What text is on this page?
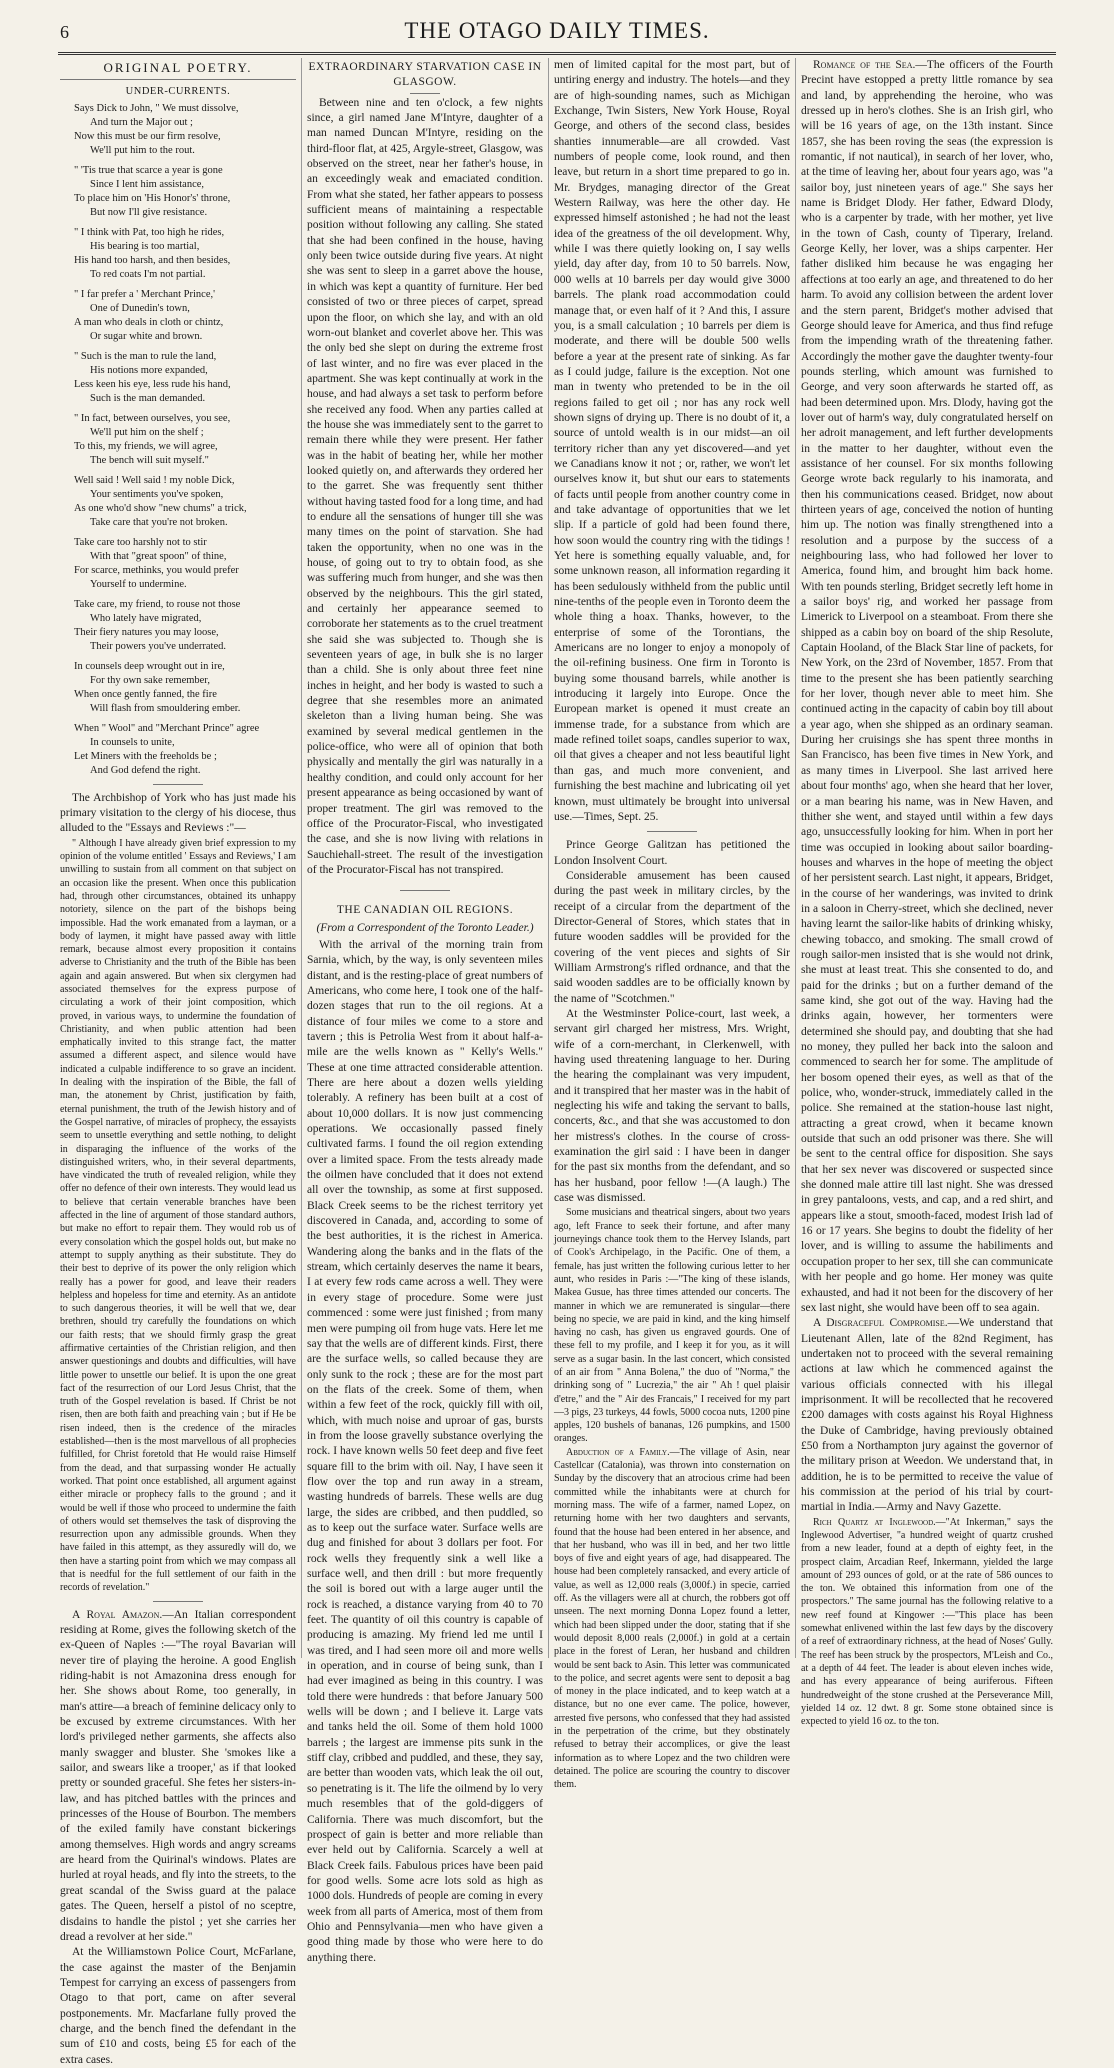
6	THE OTAGO DAILY TIMES.
ORIGINAL POETRY.
UNDER-CURRENTS.

Says Dick to John, " We must dissolve,

And turn the Major out ;

Now this must be our firm resolve,

We'll put him to the rout.

" 'Tis true that scarce a year is gone

Since I lent him assistance,

To place him on 'His Honor's' throne,

But now I'll give resistance.

" I think with Pat, too high he rides,

His bearing is too martial,

His hand too harsh, and then besides,

To red coats I'm not partial.

" I far prefer a ' Merchant Prince,'

One of Dunedin's town,

A man who deals in cloth or chintz,

Or sugar white and brown.

" Such is the man to rule the land,

His notions more expanded,

Less keen his eye, less rude his hand,

Such is the man demanded.

" In fact, between ourselves, you see,

We'll put him on the shelf ;

To this, my friends, we will agree,

The bench will suit myself."

Well said ! Well said ! my noble Dick,

Your sentiments you've spoken,

As one who'd show "new chums" a trick,

Take care that you're not broken.

Take care too harshly not to stir

With that "great spoon" of thine,

For scarce, methinks, you would prefer

Yourself to undermine.

Take care, my friend, to rouse not those

Who lately have migrated,

Their fiery natures you may loose,

Their powers you've underrated.

In counsels deep wrought out in ire,

For thy own sake remember,

When once gently fanned, the fire

Will flash from smouldering ember.

When " Wool" and "Merchant Prince" agree

In counsels to unite,

Let Miners with the freeholds be ;

And God defend the right.

The Archbishop of York who has just made his primary visitation to the clergy of his diocese, thus alluded to the "Essays and Reviews :"—

" Although I have already given brief expression to my opinion of the volume entitled ' Essays and Reviews,' I am unwilling to sustain from all comment on that subject on an occasion like the present. When once this publication had, through other circumstances, obtained its unhappy notoriety, silence on the part of the bishops being impossible. Had the work emanated from a layman, or a body of laymen, it might have passed away with little remark, because almost every proposition it contains adverse to Christianity and the truth of the Bible has been again and again answered. But when six clergymen had associated themselves for the express purpose of circulating a work of their joint composition, which proved, in various ways, to undermine the foundation of Christianity, and when public attention had been emphatically invited to this strange fact, the matter assumed a different aspect, and silence would have indicated a culpable indifference to so grave an incident. In dealing with the inspiration of the Bible, the fall of man, the atonement by Christ, justification by faith, eternal punishment, the truth of the Jewish history and of the Gospel narrative, of miracles of prophecy, the essayists seem to unsettle everything and settle nothing, to delight in disparaging the influence of the works of the distinguished writers, who, in their several departments, have vindicated the truth of revealed religion, while they offer no defence of their own interests. They would lead us to believe that certain venerable branches have been affected in the line of argument of those standard authors, but make no effort to repair them. They would rob us of every consolation which the gospel holds out, but make no attempt to supply anything as their substitute. They do their best to deprive of its power the only religion which really has a power for good, and leave their readers helpless and hopeless for time and eternity. As an antidote to such dangerous theories, it will be well that we, dear brethren, should try carefully the foundations on which our faith rests; that we should firmly grasp the great affirmative certainties of the Christian religion, and then answer questionings and doubts and difficulties, will have little power to unsettle our belief. It is upon the one great fact of the resurrection of our Lord Jesus Christ, that the truth of the Gospel revelation is based. If Christ be not risen, then are both faith and preaching vain ; but if He be risen indeed, then is the credence of the miracles established—then is the most marvellous of all prophecies fulfilled, for Christ foretold that He would raise Himself from the dead, and that surpassing wonder He actually worked. That point once established, all argument against either miracle or prophecy falls to the ground ; and it would be well if those who proceed to undermine the faith of others would set themselves the task of disproving the resurrection upon any admissible grounds. When they have failed in this attempt, as they assuredly will do, we then have a starting point from which we may compass all that is needful for the full settlement of our faith in the records of revelation."

A Royal Amazon.—An Italian correspondent residing at Rome, gives the following sketch of the ex-Queen of Naples :—"The royal Bavarian will never tire of playing the heroine. A good English riding-habit is not Amazonina dress enough for her. She shows about Rome, too generally, in man's attire—a breach of feminine delicacy only to be excused by extreme circumstances. With her lord's privileged nether garments, she affects also manly swagger and bluster. She 'smokes like a sailor, and swears like a trooper,' as if that looked pretty or sounded graceful. She fetes her sisters-in-law, and has pitched battles with the princes and princesses of the House of Bourbon. The members of the exiled family have constant bickerings among themselves. High words and angry screams are heard from the Quirinal's windows. Plates are hurled at royal heads, and fly into the streets, to the great scandal of the Swiss guard at the palace gates. The Queen, herself a pistol of no sceptre, disdains to handle the pistol ; yet she carries her dread a revolver at her side."

At the Williamstown Police Court, McFarlane, the case against the master of the Benjamin Tempest for carrying an excess of passengers from Otago to that port, came on after several postponements. Mr. Macfarlane fully proved the charge, and the bench fined the defendant in the sum of £10 and costs, being £5 for each of the extra cases.

EXTRAORDINARY STARVATION CASE IN GLASGOW.

Between nine and ten o'clock, a few nights since, a girl named Jane M'Intyre, daughter of a man named Duncan M'Intyre, residing on the third-floor flat, at 425, Argyle-street, Glasgow, was observed on the street, near her father's house, in an exceedingly weak and emaciated condition. From what she stated, her father appears to possess sufficient means of maintaining a respectable position without following any calling. She stated that she had been confined in the house, having only been twice outside during five years. At night she was sent to sleep in a garret above the house, in which was kept a quantity of furniture. Her bed consisted of two or three pieces of carpet, spread upon the floor, on which she lay, and with an old worn-out blanket and coverlet above her. This was the only bed she slept on during the extreme frost of last winter, and no fire was ever placed in the apartment. She was kept continually at work in the house, and had always a set task to perform before she received any food. When any parties called at the house she was immediately sent to the garret to remain there while they were present. Her father was in the habit of beating her, while her mother looked quietly on, and afterwards they ordered her to the garret. She was frequently sent thither without having tasted food for a long time, and had to endure all the sensations of hunger till she was many times on the point of starvation. She had taken the opportunity, when no one was in the house, of going out to try to obtain food, as she was suffering much from hunger, and she was then observed by the neighbours. This the girl stated, and certainly her appearance seemed to corroborate her statements as to the cruel treatment she said she was subjected to. Though she is seventeen years of age, in bulk she is no larger than a child. She is only about three feet nine inches in height, and her body is wasted to such a degree that she resembles more an animated skeleton than a living human being. She was examined by several medical gentlemen in the police-office, who were all of opinion that both physically and mentally the girl was naturally in a healthy condition, and could only account for her present appearance as being occasioned by want of proper treatment. The girl was removed to the office of the Procurator-Fiscal, who investigated the case, and she is now living with relations in Sauchiehall-street. The result of the investigation of the Procurator-Fiscal has not transpired.

THE CANADIAN OIL REGIONS.
(From a Correspondent of the Toronto Leader.)

With the arrival of the morning train from Sarnia, which, by the way, is only seventeen miles distant, and is the resting-place of great numbers of Americans, who come here, I took one of the half-dozen stages that run to the oil regions. At a distance of four miles we come to a store and tavern ; this is Petrolia West from it about half-a-mile are the wells known as " Kelly's Wells." These at one time attracted considerable attention. There are here about a dozen wells yielding tolerably. A refinery has been built at a cost of about 10,000 dollars. It is now just commencing operations. We occasionally passed finely cultivated farms. I found the oil region extending over a limited space. From the tests already made the oilmen have concluded that it does not extend all over the township, as some at first supposed. Black Creek seems to be the richest territory yet discovered in Canada, and, according to some of the best authorities, it is the richest in America. Wandering along the banks and in the flats of the stream, which certainly deserves the name it bears, I at every few rods came across a well. They were in every stage of procedure. Some were just commenced : some were just finished ; from many men were pumping oil from huge vats. Here let me say that the wells are of different kinds. First, there are the surface wells, so called because they are only sunk to the rock ; these are for the most part on the flats of the creek. Some of them, when within a few feet of the rock, quickly fill with oil, which, with much noise and uproar of gas, bursts in from the loose gravelly substance overlying the rock. I have known wells 50 feet deep and five feet square fill to the brim with oil. Nay, I have seen it flow over the top and run away in a stream, wasting hundreds of barrels. These wells are dug large, the sides are cribbed, and then puddled, so as to keep out the surface water. Surface wells are dug and finished for about 3 dollars per foot. For rock wells they frequently sink a well like a surface well, and then drill : but more frequently the soil is bored out with a large auger until the rock is reached, a distance varying from 40 to 70 feet. The quantity of oil this country is capable of producing is amazing. My friend led me until I was tired, and I had seen more oil and more wells in operation, and in course of being sunk, than I had ever imagined as being in this country. I was told there were hundreds : that before January 500 wells will be down ; and I believe it. Large vats and tanks held the oil. Some of them hold 1000 barrels ; the largest are immense pits sunk in the stiff clay, cribbed and puddled, and these, they say, are better than wooden vats, which leak the oil out, so penetrating is it. The life the oilmend by lo very much resembles that of the gold-diggers of California. There was much discomfort, but the prospect of gain is better and more reliable than ever held out by California. Scarcely a well at Black Creek fails. Fabulous prices have been paid for good wells. Some acre lots sold as high as 1000 dols. Hundreds of people are coming in every week from all parts of America, most of them from Ohio and Pennsylvania—men who have given a good thing made by those who were here to do anything there.

men of limited capital for the most part, but of untiring energy and industry. The hotels—and they are of high-sounding names, such as Michigan Exchange, Twin Sisters, New York House, Royal George, and others of the second class, besides shanties innumerable—are all crowded. Vast numbers of people come, look round, and then leave, but return in a short time prepared to go in. Mr. Brydges, managing director of the Great Western Railway, was here the other day. He expressed himself astonished ; he had not the least idea of the greatness of the oil development. Why, while I was there quietly looking on, I say wells yield, day after day, from 10 to 50 barrels. Now, 000 wells at 10 barrels per day would give 3000 barrels. The plank road accommodation could manage that, or even half of it ? And this, I assure you, is a small calculation ; 10 barrels per diem is moderate, and there will be double 500 wells before a year at the present rate of sinking. As far as I could judge, failure is the exception. Not one man in twenty who pretended to be in the oil regions failed to get oil ; nor has any rock well shown signs of drying up. There is no doubt of it, a source of untold wealth is in our midst—an oil territory richer than any yet discovered—and yet we Canadians know it not ; or, rather, we won't let ourselves know it, but shut our ears to statements of facts until people from another country come in and take advantage of opportunities that we let slip. If a particle of gold had been found there, how soon would the country ring with the tidings ! Yet here is something equally valuable, and, for some unknown reason, all information regarding it has been sedulously withheld from the public until nine-tenths of the people even in Toronto deem the whole thing a hoax. Thanks, however, to the enterprise of some of the Torontians, the Americans are no longer to enjoy a monopoly of the oil-refining business. One firm in Toronto is buying some thousand barrels, while another is introducing it largely into Europe. Once the European market is opened it must create an immense trade, for a substance from which are made refined toilet soaps, candles superior to wax, oil that gives a cheaper and not less beautiful light than gas, and much more convenient, and furnishing the best machine and lubricating oil yet known, must ultimately be brought into universal use.—Times, Sept. 25.

Prince George Galitzan has petitioned the London Insolvent Court.

Considerable amusement has been caused during the past week in military circles, by the receipt of a circular from the department of the Director-General of Stores, which states that in future wooden saddles will be provided for the covering of the vent pieces and sights of Sir William Armstrong's rifled ordnance, and that the said wooden saddles are to be officially known by the name of "Scotchmen."

At the Westminster Police-court, last week, a servant girl charged her mistress, Mrs. Wright, wife of a corn-merchant, in Clerkenwell, with having used threatening language to her. During the hearing the complainant was very impudent, and it transpired that her master was in the habit of neglecting his wife and taking the servant to balls, concerts, &c., and that she was accustomed to don her mistress's clothes. In the course of cross-examination the girl said : I have been in danger for the past six months from the defendant, and so has her husband, poor fellow !—(A laugh.) The case was dismissed.

Some musicians and theatrical singers, about two years ago, left France to seek their fortune, and after many journeyings chance took them to the Hervey Islands, part of Cook's Archipelago, in the Pacific. One of them, a female, has just written the following curious letter to her aunt, who resides in Paris :—"The king of these islands, Makea Gusue, has three times attended our concerts. The manner in which we are remunerated is singular—there being no specie, we are paid in kind, and the king himself having no cash, has given us engraved gourds. One of these fell to my profile, and I keep it for you, as it will serve as a sugar basin. In the last concert, which consisted of an air from " Anna Bolena," the duo of "Norma," the drinking song of " Lucrezia," the air " Ah ! quel plaisir d'etre," and the " Air des Francais," I received for my part—3 pigs, 23 turkeys, 44 fowls, 5000 cocoa nuts, 1200 pine apples, 120 bushels of bananas, 126 pumpkins, and 1500 oranges.

Abduction of a Family.—The village of Asin, near Castellcar (Catalonia), was thrown into consternation on Sunday by the discovery that an atrocious crime had been committed while the inhabitants were at church for morning mass. The wife of a farmer, named Lopez, on returning home with her two daughters and servants, found that the house had been entered in her absence, and that her husband, who was ill in bed, and her two little boys of five and eight years of age, had disappeared. The house had been completely ransacked, and every article of value, as well as 12,000 reals (3,000f.) in specie, carried off. As the villagers were all at church, the robbers got off unseen. The next morning Donna Lopez found a letter, which had been slipped under the door, stating that if she would deposit 8,000 reals (2,000f.) in gold at a certain place in the forest of Leran, her husband and children would be sent back to Asin. This letter was communicated to the police, and secret agents were sent to deposit a bag of money in the place indicated, and to keep watch at a distance, but no one ever came. The police, however, arrested five persons, who confessed that they had assisted in the perpetration of the crime, but they obstinately refused to betray their accomplices, or give the least information as to where Lopez and the two children were detained. The police are scouring the country to discover them.

Romance of the Sea.—The officers of the Fourth Precint have estopped a pretty little romance by sea and land, by apprehending the heroine, who was dressed up in hero's clothes. She is an Irish girl, who will be 16 years of age, on the 13th instant. Since 1857, she has been roving the seas (the expression is romantic, if not nautical), in search of her lover, who, at the time of leaving her, about four years ago, was "a sailor boy, just nineteen years of age." She says her name is Bridget Dlody. Her father, Edward Dlody, who is a carpenter by trade, with her mother, yet live in the town of Cash, county of Tiperary, Ireland. George Kelly, her lover, was a ships carpenter. Her father disliked him because he was engaging her affections at too early an age, and threatened to do her harm. To avoid any collision between the ardent lover and the stern parent, Bridget's mother advised that George should leave for America, and thus find refuge from the impending wrath of the threatening father. Accordingly the mother gave the daughter twenty-four pounds sterling, which amount was furnished to George, and very soon afterwards he started off, as had been determined upon. Mrs. Dlody, having got the lover out of harm's way, duly congratulated herself on her adroit management, and left further developments in the matter to her daughter, without even the assistance of her counsel. For six months following George wrote back regularly to his inamorata, and then his communications ceased. Bridget, now about thirteen years of age, conceived the notion of hunting him up. The notion was finally strengthened into a resolution and a purpose by the success of a neighbouring lass, who had followed her lover to America, found him, and brought him back home. With ten pounds sterling, Bridget secretly left home in a sailor boys' rig, and worked her passage from Limerick to Liverpool on a steamboat. From there she shipped as a cabin boy on board of the ship Resolute, Captain Hooland, of the Black Star line of packets, for New York, on the 23rd of November, 1857. From that time to the present she has been patiently searching for her lover, though never able to meet him. She continued acting in the capacity of cabin boy till about a year ago, when she shipped as an ordinary seaman. During her cruisings she has spent three months in San Francisco, has been five times in New York, and as many times in Liverpool. She last arrived here about four months' ago, when she heard that her lover, or a man bearing his name, was in New Haven, and thither she went, and stayed until within a few days ago, unsuccessfully looking for him. When in port her time was occupied in looking about sailor boarding-houses and wharves in the hope of meeting the object of her persistent search. Last night, it appears, Bridget, in the course of her wanderings, was invited to drink in a saloon in Cherry-street, which she declined, never having learnt the sailor-like habits of drinking whisky, chewing tobacco, and smoking. The small crowd of rough sailor-men insisted that is she would not drink, she must at least treat. This she consented to do, and paid for the drinks ; but on a further demand of the same kind, she got out of the way. Having had the drinks again, however, her tormenters were determined she should pay, and doubting that she had no money, they pulled her back into the saloon and commenced to search her for some. The amplitude of her bosom opened their eyes, as well as that of the police, who, wonder-struck, immediately called in the police. She remained at the station-house last night, attracting a great crowd, when it became known outside that such an odd prisoner was there. She will be sent to the central office for disposition. She says that her sex never was discovered or suspected since she donned male attire till last night. She was dressed in grey pantaloons, vests, and cap, and a red shirt, and appears like a stout, smooth-faced, modest Irish lad of 16 or 17 years. She begins to doubt the fidelity of her lover, and is willing to assume the habiliments and occupation proper to her sex, till she can communicate with her people and go home. Her money was quite exhausted, and had it not been for the discovery of her sex last night, she would have been off to sea again.

A Disgraceful Compromise.—We understand that Lieutenant Allen, late of the 82nd Regiment, has undertaken not to proceed with the several remaining actions at law which he commenced against the various officials connected with his illegal imprisonment. It will be recollected that he recovered £200 damages with costs against his Royal Highness the Duke of Cambridge, having previously obtained £50 from a Northampton jury against the governor of the military prison at Weedon. We understand that, in addition, he is to be permitted to receive the value of his commission at the period of his trial by court-martial in India.—Army and Navy Gazette.

Rich Quartz at Inglewood.—"At Inkerman," says the Inglewood Advertiser, "a hundred weight of quartz crushed from a new leader, found at a depth of eighty feet, in the prospect claim, Arcadian Reef, Inkermann, yielded the large amount of 293 ounces of gold, or at the rate of 586 ounces to the ton. We obtained this information from one of the prospectors." The same journal has the following relative to a new reef found at Kingower :—"This place has been somewhat enlivened within the last few days by the discovery of a reef of extraordinary richness, at the head of Noses' Gully. The reef has been struck by the prospectors, M'Leish and Co., at a depth of 44 feet. The leader is about eleven inches wide, and has every appearance of being auriferous. Fifteen hundredweight of the stone crushed at the Perseverance Mill, yielded 14 oz. 12 dwt. 8 gr. Some stone obtained since is expected to yield 16 oz. to the ton.
